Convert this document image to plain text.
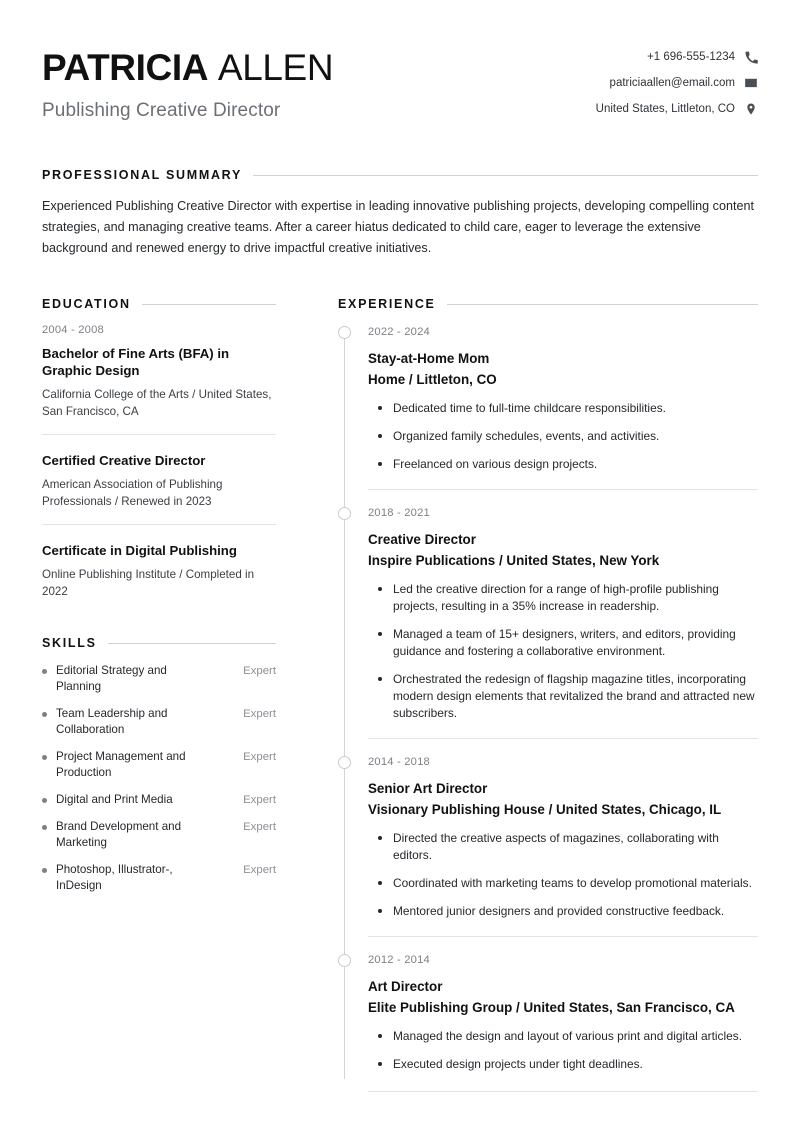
PATRICIA ALLEN
Publishing Creative Director
+1 696-555-1234
patriciaallen@email.com
United States, Littleton, CO
PROFESSIONAL SUMMARY
Experienced Publishing Creative Director with expertise in leading innovative publishing projects, developing compelling content strategies, and managing creative teams. After a career hiatus dedicated to child care, eager to leverage the extensive background and renewed energy to drive impactful creative initiatives.
EDUCATION
2004 - 2008
Bachelor of Fine Arts (BFA) in Graphic Design
California College of the Arts / United States, San Francisco, CA
Certified Creative Director
American Association of Publishing Professionals / Renewed in 2023
Certificate in Digital Publishing
Online Publishing Institute / Completed in 2022
SKILLS
Editorial Strategy and Planning
Expert
Team Leadership and Collaboration
Expert
Project Management and Production
Expert
Digital and Print Media	Expert
Brand Development and Marketing
Expert
Photoshop, Illustrator-, InDesign
Expert
EXPERIENCE
2022 - 2024
Stay-at-Home Mom
Home / Littleton, CO
Dedicated time to full-time childcare responsibilities.
Organized family schedules, events, and activities.
Freelanced on various design projects.
2018 - 2021
Creative Director
Inspire Publications / United States, New York
Led the creative direction for a range of high-profile publishing projects, resulting in a 35% increase in readership.
Managed a team of 15+ designers, writers, and editors, providing guidance and fostering a collaborative environment.
Orchestrated the redesign of flagship magazine titles, incorporating modern design elements that revitalized the brand and attracted new subscribers.
2014 - 2018
Senior Art Director
Visionary Publishing House / United States, Chicago, IL
Directed the creative aspects of magazines, collaborating with editors.
Coordinated with marketing teams to develop promotional materials.
Mentored junior designers and provided constructive feedback.
2012 - 2014
Art Director
Elite Publishing Group / United States, San Francisco, CA
Managed the design and layout of various print and digital articles.
Executed design projects under tight deadlines.
